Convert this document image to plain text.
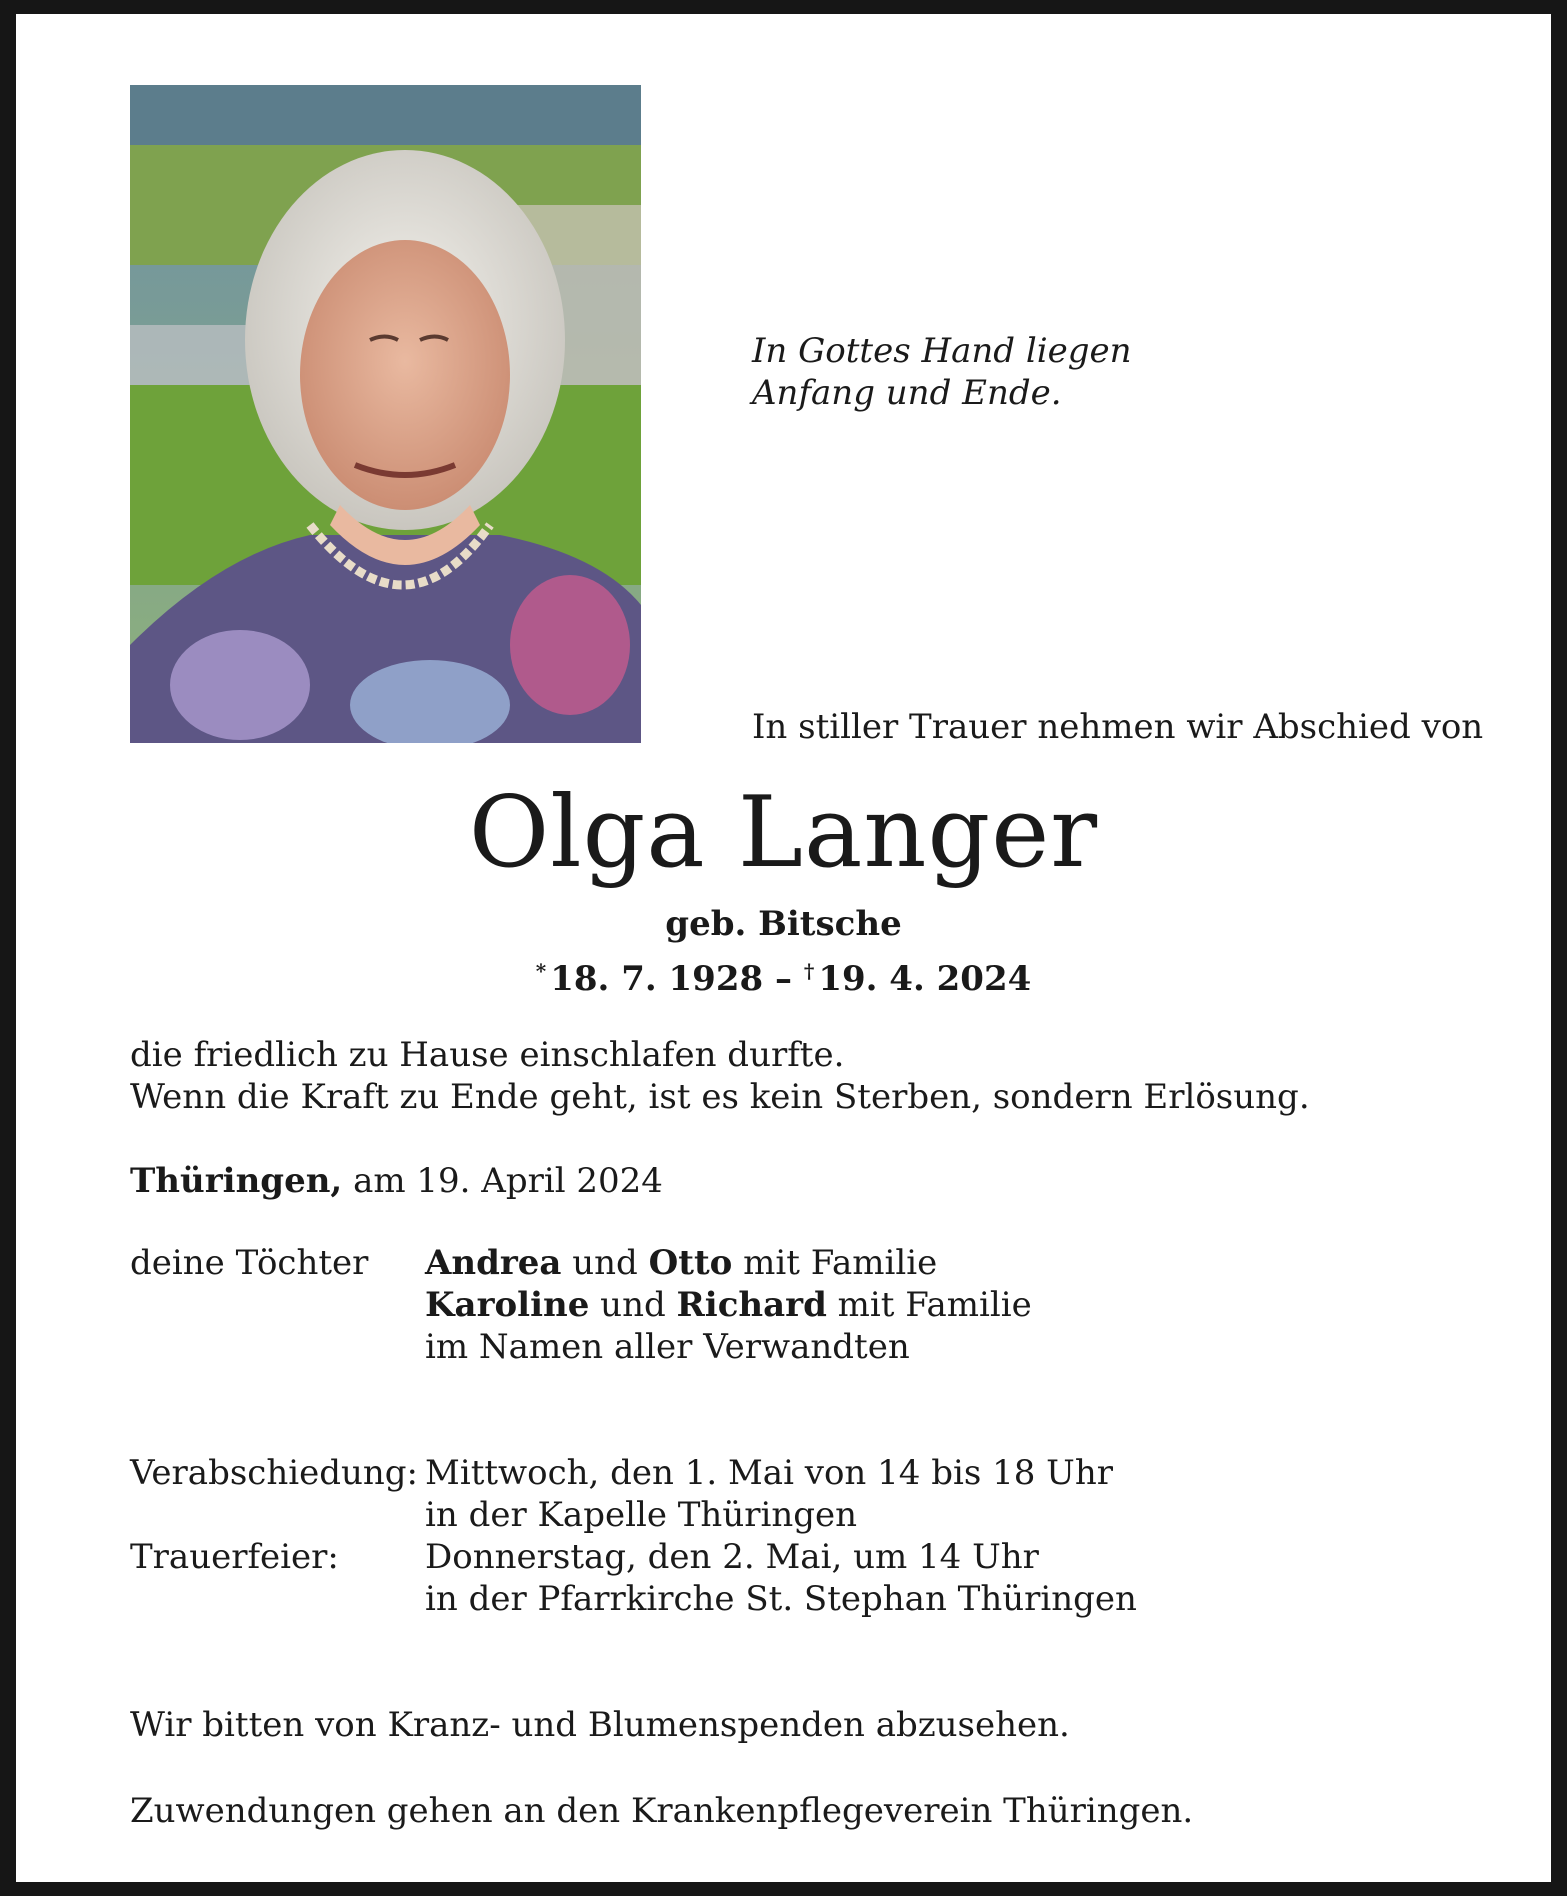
In Gottes Hand liegen
Anfang und Ende.
In stiller Trauer nehmen wir Abschied von
Olga Langer
geb. Bitsche
* 18. 7. 1928 – † 19. 4. 2024
die friedlich zu Hause einschlafen durfte.
Wenn die Kraft zu Ende geht, ist es kein Sterben, sondern Erlösung.
Thüringen, am 19. April 2024
deine Töchter Andrea und Otto mit Familie
Karoline und Richard mit Familie
im Namen aller Verwandten
Verabschiedung:

Trauerfeier:
Mittwoch, den 1. Mai von 14 bis 18 Uhr
in der Kapelle Thüringen
Donnerstag, den 2. Mai, um 14 Uhr
in der Pfarrkirche St. Stephan Thüringen
Wir bitten von Kranz- und Blumenspenden abzusehen.
Zuwendungen gehen an den Krankenpflegeverein Thüringen.
